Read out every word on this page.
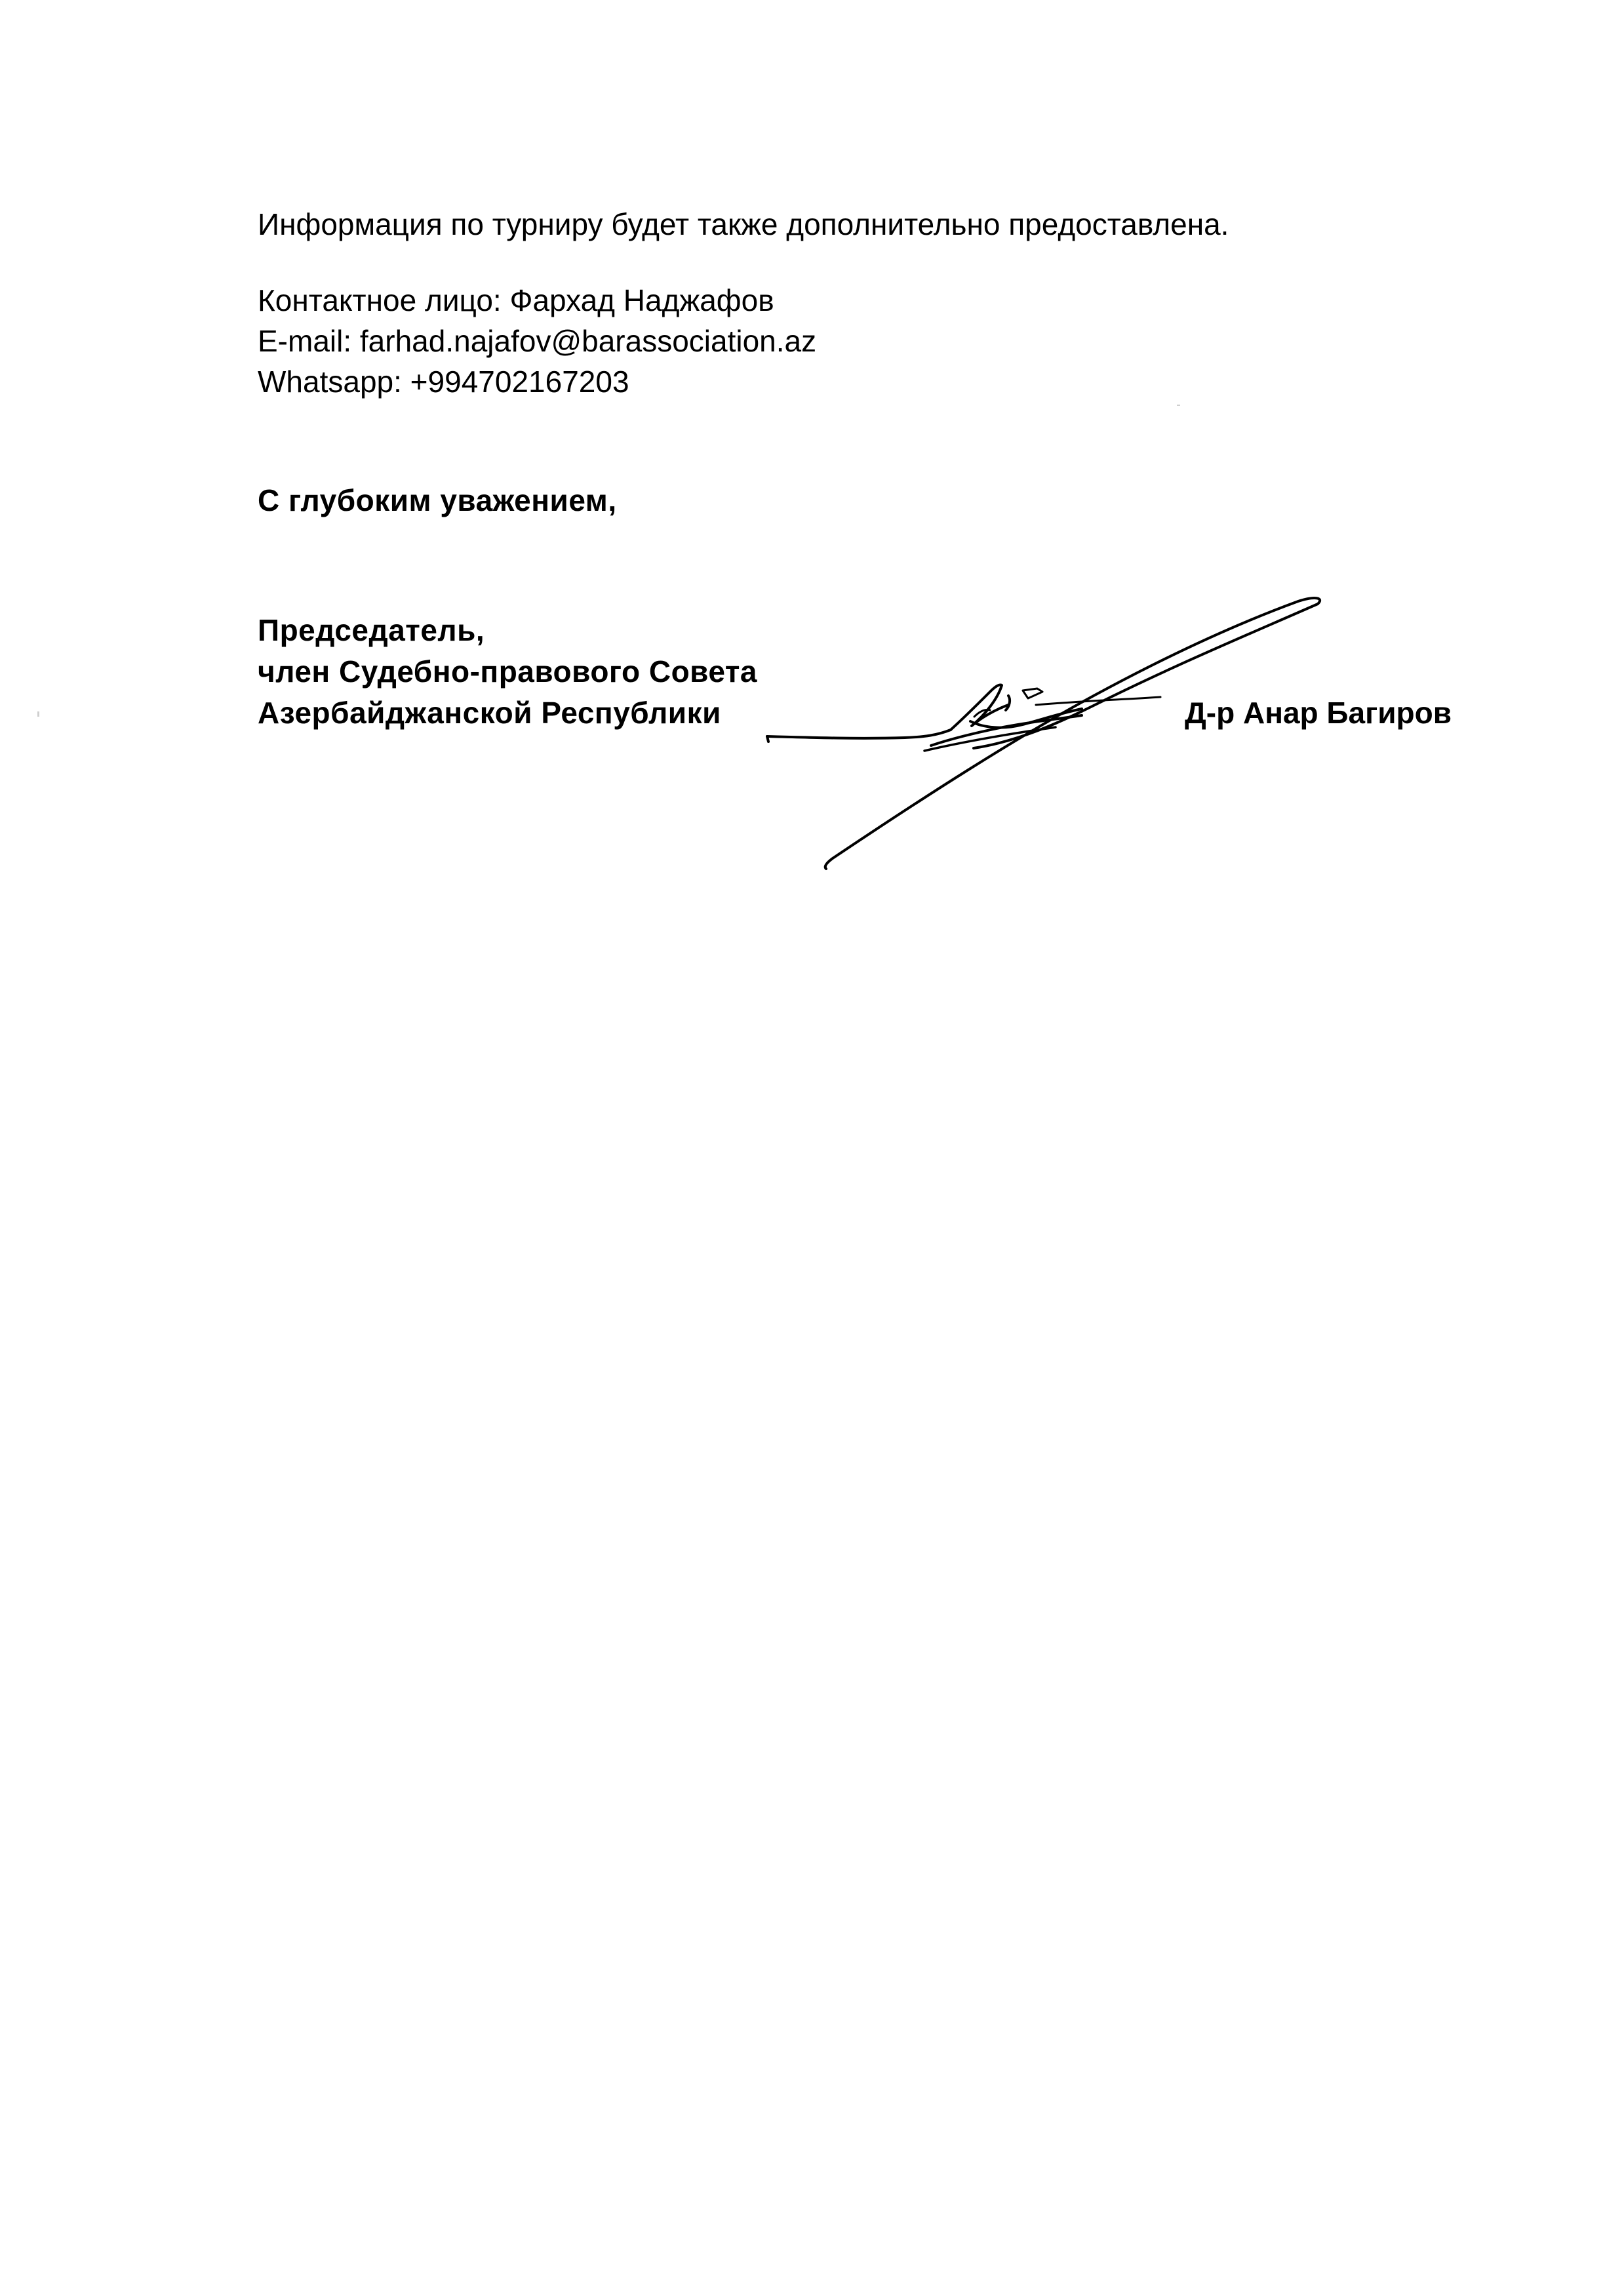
Информация по турниру будет также дополнительно предоставлена.
Контактное лицо: Фархад Наджафов
E-mail: farhad.najafov@barassociation.az
Whatsapp: +994702167203
С глубоким уважением,
Председатель,
член Судебно-правового Совета
Азербайджанской Республики	Д-р Анар Багиров
